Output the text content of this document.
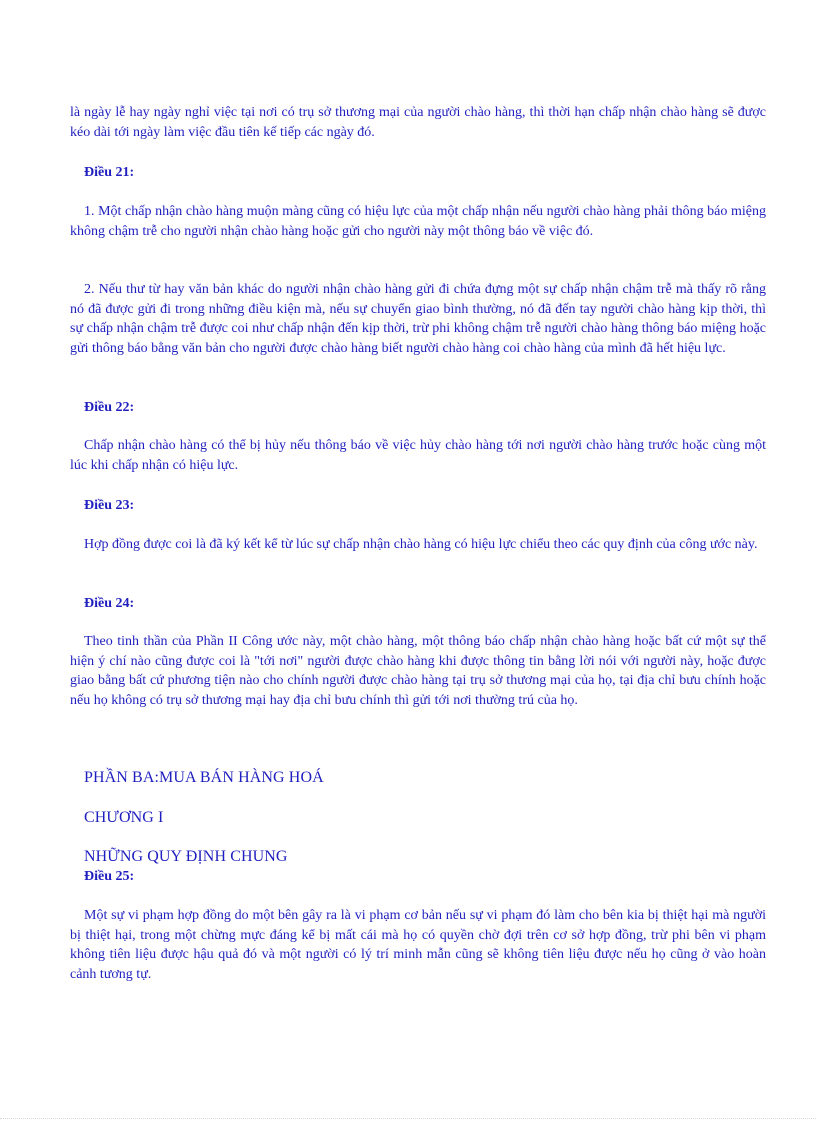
là ngày lễ hay ngày nghỉ việc tại nơi có trụ sở thương mại của người chào hàng, thì thời hạn chấp nhận chào hàng sẽ được kéo dài tới ngày làm việc đầu tiên kế tiếp các ngày đó.

Điều 21:

1. Một chấp nhận chào hàng muộn màng cũng có hiệu lực của một chấp nhận nếu người chào hàng phải thông báo miệng không chậm trễ cho người nhận chào hàng hoặc gửi cho người này một thông báo về việc đó.

2. Nếu thư từ hay văn bản khác do người nhận chào hàng gửi đi chứa đựng một sự chấp nhận chậm trễ mà thấy rõ rằng nó đã được gửi đi trong những điều kiện mà, nếu sự chuyển giao bình thường, nó đã đến tay người chào hàng kịp thời, thì sự chấp nhận chậm trễ được coi như chấp nhận đến kịp thời, trừ phi không chậm trễ người chào hàng thông báo miệng hoặc gửi thông báo bằng văn bản cho người được chào hàng biết người chào hàng coi chào hàng của mình đã hết hiệu lực.

Điều 22:

Chấp nhận chào hàng có thể bị hủy nếu thông báo về việc hủy chào hàng tới nơi người chào hàng trước hoặc cùng một lúc khi chấp nhận có hiệu lực.

Điều 23:

Hợp đồng được coi là đã ký kết kể từ lúc sự chấp nhận chào hàng có hiệu lực chiểu theo các quy định của công ước này.

Điều 24:

Theo tinh thần của Phần II Công ước này, một chào hàng, một thông báo chấp nhận chào hàng hoặc bất cứ một sự thể hiện ý chí nào cũng được coi là "tới nơi" người được chào hàng khi được thông tin bằng lời nói với người này, hoặc được giao bằng bất cứ phương tiện nào cho chính người được chào hàng tại trụ sở thương mại của họ, tại địa chỉ bưu chính hoặc nếu họ không có trụ sở thương mại hay địa chỉ bưu chính thì gửi tới nơi thường trú của họ.

PHẦN BA:MUA BÁN HÀNG HOÁ

CHƯƠNG I

NHỮNG QUY ĐỊNH CHUNG

Điều 25:

Một sự vi phạm hợp đồng do một bên gây ra là vi phạm cơ bản nếu sự vi phạm đó làm cho bên kia bị thiệt hại mà người bị thiệt hại, trong một chừng mực đáng kể bị mất cái mà họ có quyền chờ đợi trên cơ sở hợp đồng, trừ phi bên vi phạm không tiên liệu được hậu quả đó và một người có lý trí minh mẫn cũng sẽ không tiên liệu được nếu họ cũng ở vào hoàn cảnh tương tự.
